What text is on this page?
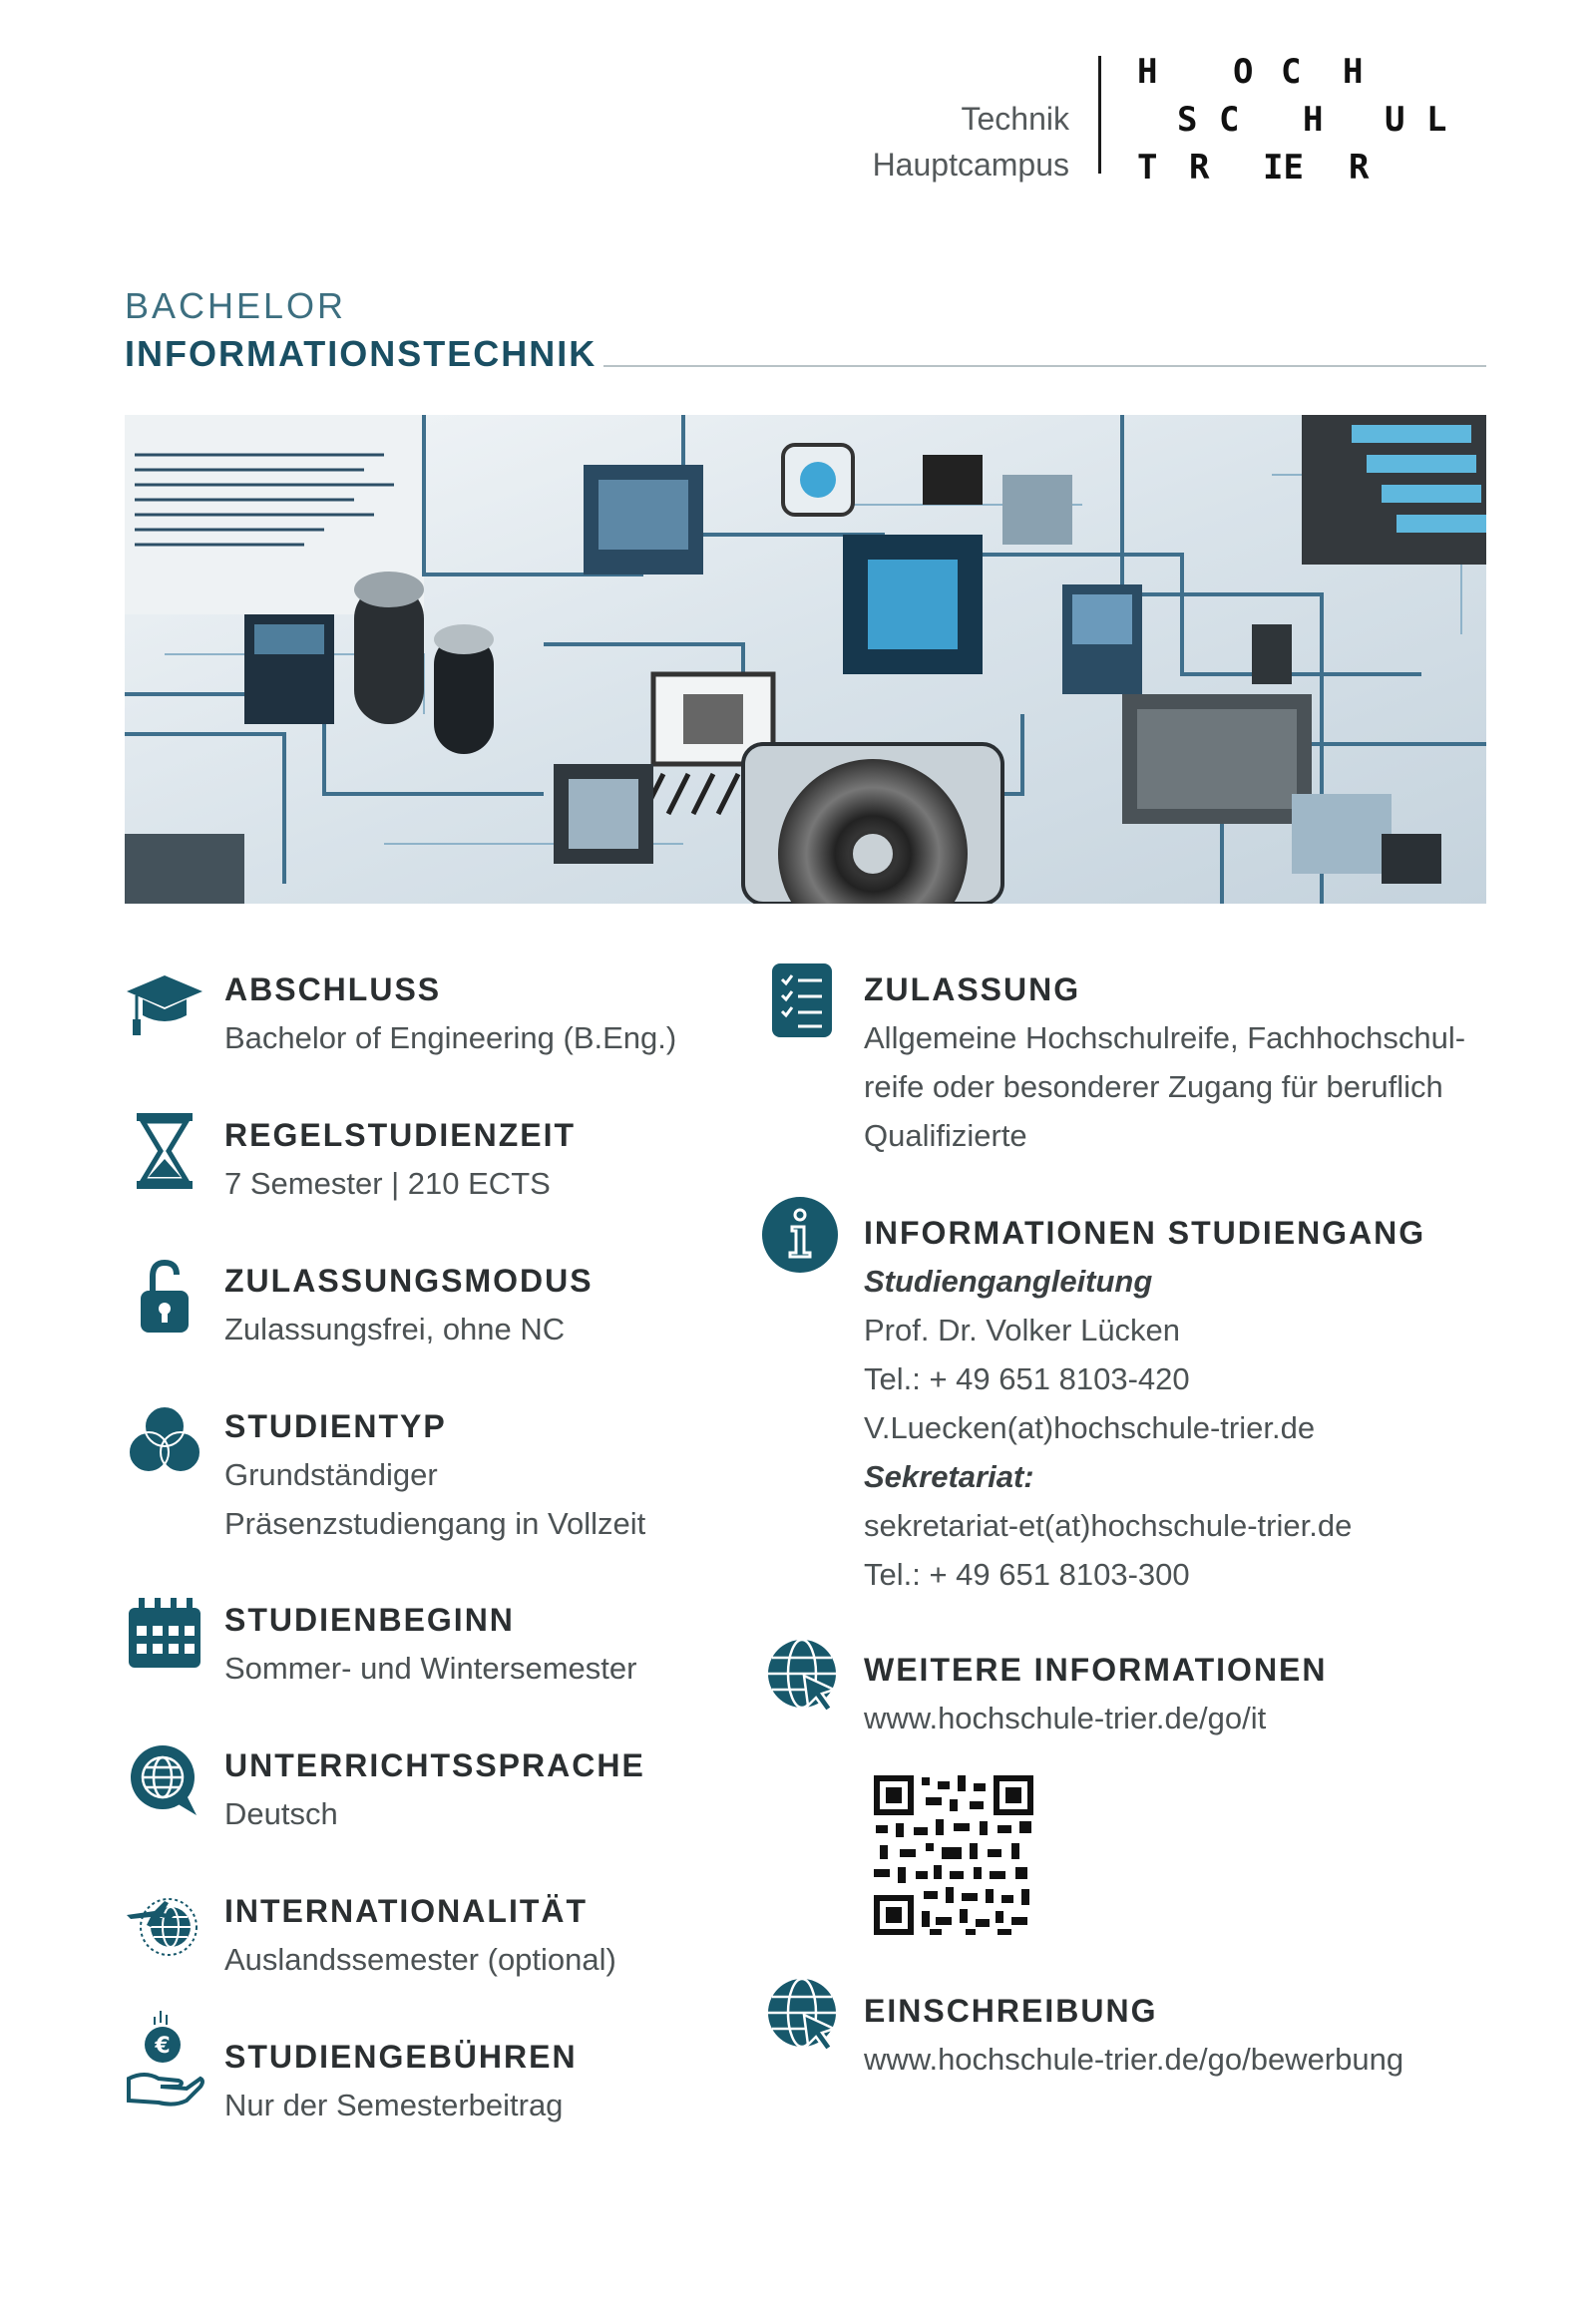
Technik
Hauptcampus
H O C H
S C H U L
T R IE R
BACHELOR
INFORMATIONSTECHNIK
ABSCHLUSS
Bachelor of Engineering (B.Eng.)
REGELSTUDIENZEIT
7 Semester | 210 ECTS
ZULASSUNGSMODUS
Zulassungsfrei, ohne NC
STUDIENTYP
Grundständiger
Präsenzstudiengang in Vollzeit
STUDIENBEGINN
Sommer- und Wintersemester
UNTERRICHTSSPRACHE
Deutsch
INTERNATIONALITÄT
Auslandssemester (optional)
€ STUDIENGEBÜHREN
Nur der Semesterbeitrag
ZULASSUNG
Allgemeine Hochschulreife, Fachhochschul-
reife oder besonderer Zugang für beruflich
Qualifizierte
INFORMATIONEN STUDIENGANG
Studiengangleitung
Prof. Dr. Volker Lücken
Tel.: + 49 651 8103-420
V.Luecken(at)hochschule-trier.de
Sekretariat:
sekretariat-et(at)hochschule-trier.de
Tel.: + 49 651 8103-300
WEITERE INFORMATIONEN
www.hochschule-trier.de/go/it
EINSCHREIBUNG
www.hochschule-trier.de/go/bewerbung
